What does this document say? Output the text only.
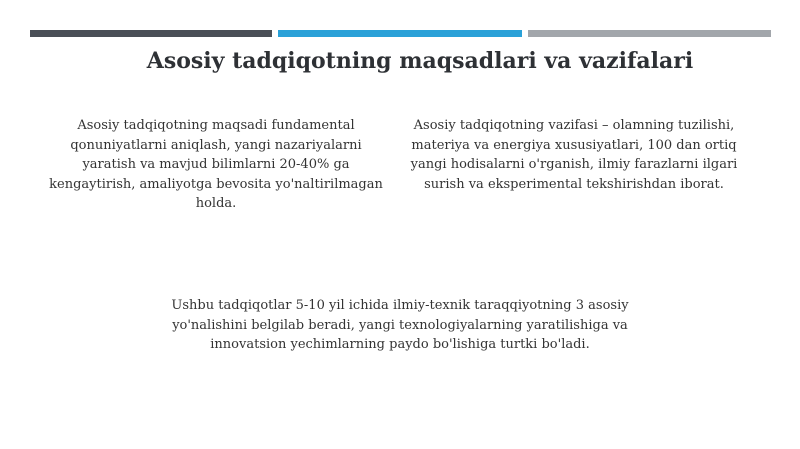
Asosiy tadqiqotning maqsadlari va vazifalari

Asosiy tadqiqotning maqsadi fundamental qonuniyatlarni aniqlash, yangi nazariyalarni yaratish va mavjud bilimlarni 20-40% ga kengaytirish, amaliyotga bevosita yo'naltirilmagan holda.

Asosiy tadqiqotning vazifasi – olamning tuzilishi, materiya va energiya xususiyatlari, 100 dan ortiq yangi hodisalarni o'rganish, ilmiy farazlarni ilgari surish va eksperimental tekshirishdan iborat.

Ushbu tadqiqotlar 5-10 yil ichida ilmiy-texnik taraqqiyotning 3 asosiy yo'nalishini belgilab beradi, yangi texnologiyalarning yaratilishiga va innovatsion yechimlarning paydo bo'lishiga turtki bo'ladi.
